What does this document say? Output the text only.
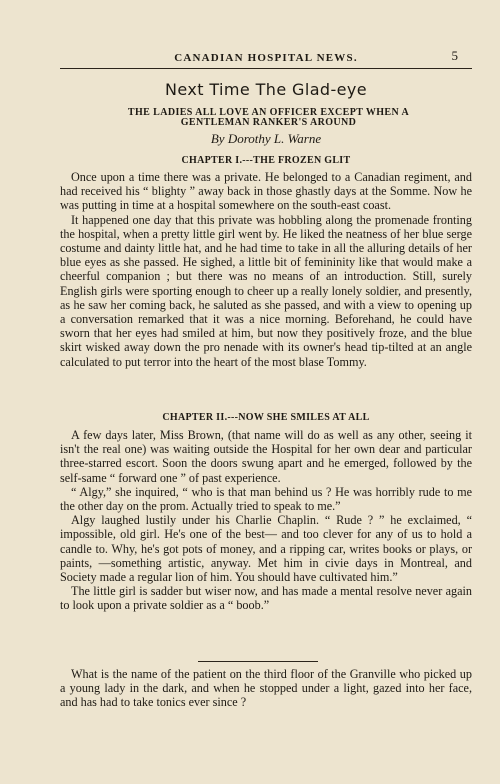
CANADIAN HOSPITAL NEWS.	5
Next Time The Glad-eye
THE LADIES ALL LOVE AN OFFICER EXCEPT WHEN A
GENTLEMAN RANKER'S AROUND
By Dorothy L. Warne
CHAPTER I.---THE FROZEN GLIT

Once upon a time there was a private. He belonged to a Canadian regiment, and had received his “ blighty ” away back in those ghastly days at the Somme. Now he was putting in time at a hospital somewhere on the south-east coast.

It happened one day that this private was hobbling along the promenade fronting the hospital, when a pretty little girl went by. He liked the neatness of her blue serge costume and dainty little hat, and he had time to take in all the alluring details of her blue eyes as she passed. He sighed, a little bit of femininity like that would make a cheerful companion ; but there was no means of an introduction. Still, surely English girls were sporting enough to cheer up a really lonely soldier, and presently, as he saw her coming back, he saluted as she passed, and with a view to opening up a conversation remarked that it was a nice morning. Beforehand, he could have sworn that her eyes had smiled at him, but now they positively froze, and the blue skirt wisked away down the pro nenade with its owner's head tip-tilted at an angle calculated to put terror into the heart of the most blase Tommy.

CHAPTER II.---NOW SHE SMILES AT ALL

A few days later, Miss Brown, (that name will do as well as any other, seeing it isn't the real one) was waiting outside the Hospital for her own dear and particular three-starred escort. Soon the doors swung apart and he emerged, followed by the self-same “ forward one ” of past experience.

“ Algy,” she inquired, “ who is that man behind us ? He was horribly rude to me the other day on the prom. Actually tried to speak to me.”

Algy laughed lustily under his Charlie Chaplin. “ Rude ? ” he exclaimed, “ impossible, old girl. He's one of the best— and too clever for any of us to hold a candle to. Why, he's got pots of money, and a ripping car, writes books or plays, or paints, —something artistic, anyway. Met him in civie days in Montreal, and Society made a regular lion of him. You should have cultivated him.”

The little girl is sadder but wiser now, and has made a mental resolve never again to look upon a private soldier as a “ boob.”

What is the name of the patient on the third floor of the Granville who picked up a young lady in the dark, and when he stopped under a light, gazed into her face, and has had to take tonics ever since ?
